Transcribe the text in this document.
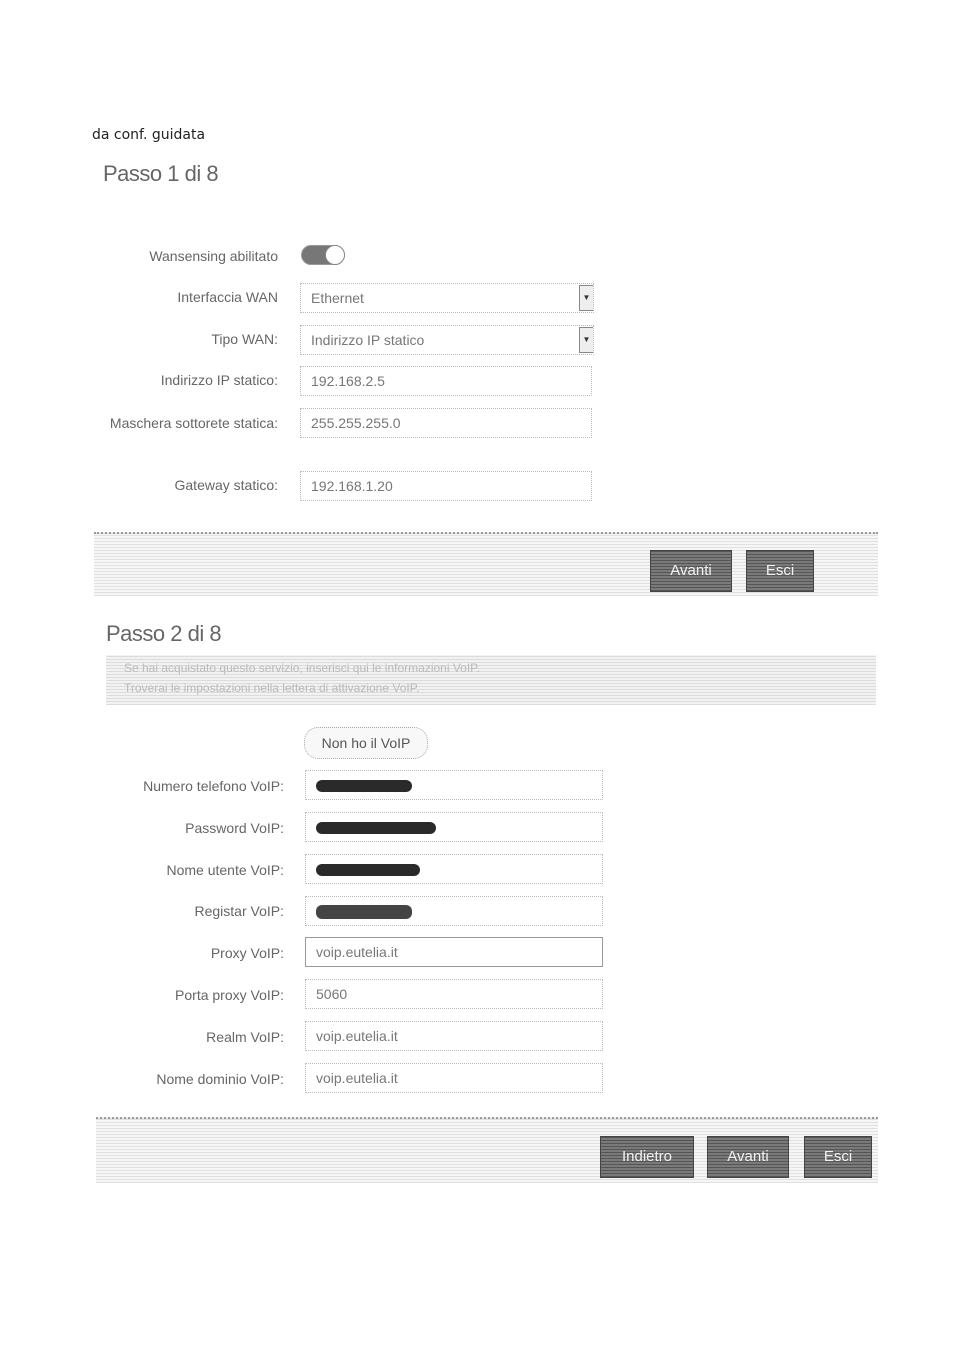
da conf. guidata
Passo 1 di 8
Wansensing abilitato
Interfaccia WAN	Ethernet	▼
Tipo WAN:	Indirizzo IP statico	▼
Indirizzo IP statico:	192.168.2.5
Maschera sottorete statica:	255.255.255.0
Gateway statico:	192.168.1.20
Avanti	Esci
Passo 2 di 8
Se hai acquistato questo servizio, inserisci qui le informazioni VoIP.
Troverai le impostazioni nella lettera di attivazione VoIP.
Non ho il VoIP
Numero telefono VoIP:
Password VoIP:
Nome utente VoIP:
Registar VoIP:
Proxy VoIP:	voip.eutelia.it
Porta proxy VoIP:	5060
Realm VoIP:	voip.eutelia.it
Nome dominio VoIP:	voip.eutelia.it
Indietro	Avanti	Esci
